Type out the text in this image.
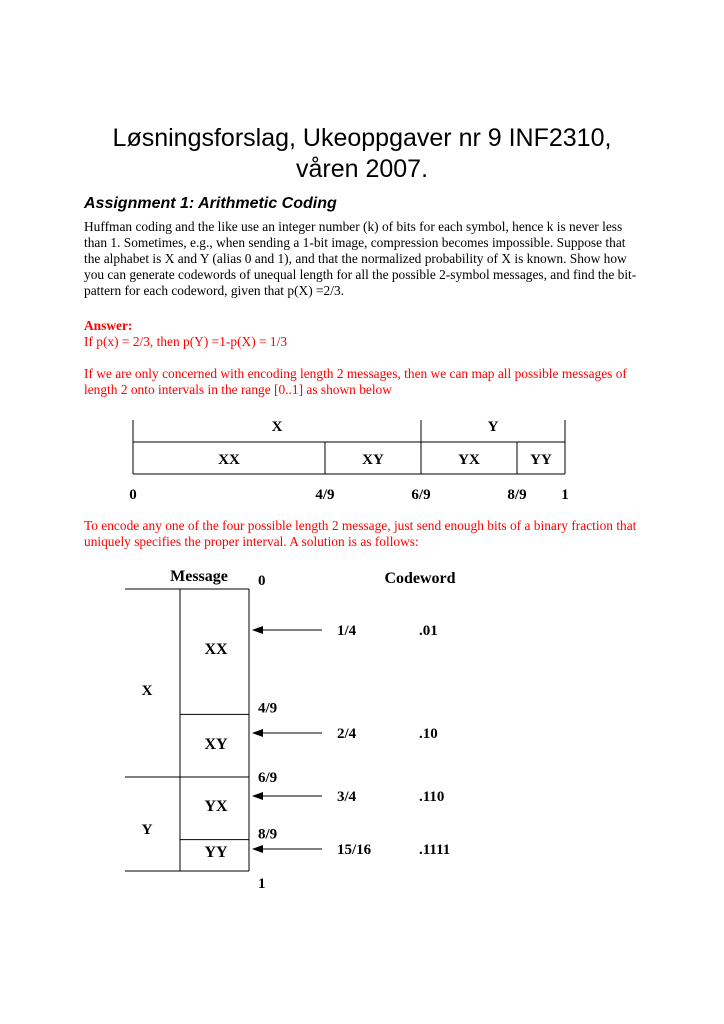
Løsningsforslag, Ukeoppgaver nr 9 INF2310,
våren 2007.
Assignment 1: Arithmetic Coding
Huffman coding and the like use an integer number (k) of bits for each symbol, hence k is never less than 1. Sometimes, e.g., when sending a 1-bit image, compression becomes impossible. Suppose that the alphabet is X and Y (alias 0 and 1), and that the normalized probability of X is known. Show how you can generate codewords of unequal length for all the possible 2-symbol messages, and find the bit-pattern for each codeword, given that p(X) =2/3.
Answer:
If p(x) = 2/3, then p(Y) =1-p(X) = 1/3
If we are only concerned with encoding length 2 messages, then we can map all possible messages of length 2 onto intervals in the range [0..1] as shown below
X	Y
XX	XY	YX	YY
0	4/9	6/9	8/9 1
To encode any one of the four possible length 2 message, just send enough bits of a binary fraction that uniquely specifies the proper interval. A solution is as follows:
Message	Codeword
0
4/9
6/9
8/9
1
X
Y
XX
1/4	.01
XY
2/4	.10
YX
3/4	.110
YY	15/16	.1111
